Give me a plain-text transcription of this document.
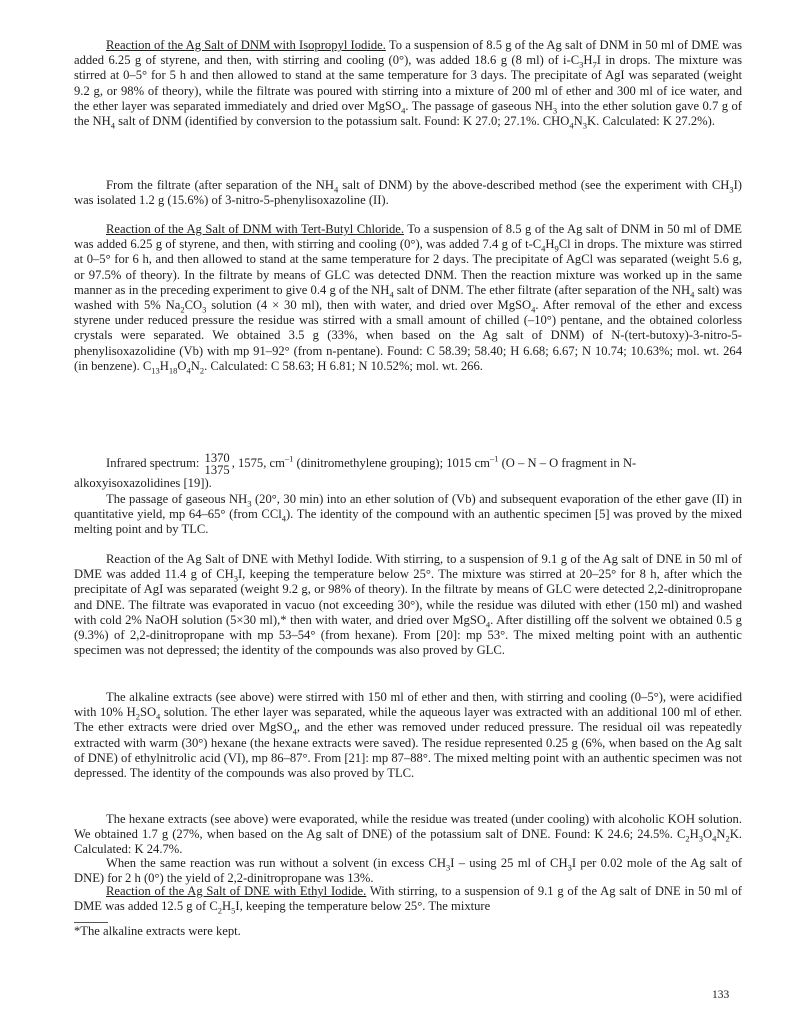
Reaction of the Ag Salt of DNM with Isopropyl Iodide. To a suspension of 8.5 g of the Ag salt of DNM in 50 ml of DME was added 6.25 g of styrene, and then, with stirring and cooling (0°), was added 18.6 g (8 ml) of $i-C_3H_7I$ in drops. The mixture was stirred at 0–5° for 5 h and then allowed to stand at the same temperature for 3 days. The precipitate of AgI was separated (weight 9.2 g, or 98% of theory), while the filtrate was poured with stirring into a mixture of 200 ml of ether and 300 ml of ice water, and the ether layer was separated immediately and dried over MgSO$_4$. The passage of gaseous $NH_3$ into the ether solution gave 0.7 g of the $NH_4$ salt of DNM (identified by conversion to the potassium salt. Found: K 27.0; 27.1%. $CHO_4N_3K$. Calculated: K 27.2%).

From the filtrate (after separation of the $NH_4$ salt of DNM) by the above-described method (see the experiment with $CH_3I$) was isolated 1.2 g (15.6%) of 3-nitro-5-phenylisoxazoline (II).

Reaction of the Ag Salt of DNM with Tert-Butyl Chloride. To a suspension of 8.5 g of the Ag salt of DNM in 50 ml of DME was added 6.25 g of styrene, and then, with stirring and cooling (0°), was added 7.4 g of $t-C_4H_9Cl$ in drops. The mixture was stirred at 0–5° for 6 h, and then allowed to stand at the same temperature for 2 days. The precipitate of AgCl was separated (weight 5.6 g, or 97.5% of theory). In the filtrate by means of GLC was detected DNM. Then the reaction mixture was worked up in the same manner as in the preceding experiment to give 0.4 g of the $NH_4$ salt of DNM. The ether filtrate (after separation of the $NH_4$ salt) was washed with 5% $Na_2CO_3$ solution (4 × 30 ml), then with water, and dried over MgSO$_4$. After removal of the ether and excess styrene under reduced pressure the residue was stirred with a small amount of chilled (–10°) pentane, and the obtained colorless crystals were separated. We obtained 3.5 g (33%, when based on the Ag salt of DNM) of N-(tert-butoxy)-3-nitro-5-phenylisoxazolidine (Vb) with mp 91–92° (from n-pentane). Found: C 58.39; 58.40; H 6.68; 6.67; N 10.74; 10.63%; mol. wt. 264 (in benzene). $C_{13}H_{18}O_4N_2$. Calculated: C 58.63; H 6.81; N 10.52%; mol. wt. 266.

Infrared spectrum: 1370
1375
, 1575, $cm^{-1}$ (dinitromethylene grouping); 1015 $cm^{-1}$ (O – N – O fragment in N-alkoxyisoxazolidines [19]).

The passage of gaseous $NH_3$ (20°, 30 min) into an ether solution of (Vb) and subsequent evaporation of the ether gave (II) in quantitative yield, mp 64–65° (from CCl$_4$). The identity of the compound with an authentic specimen [5] was proved by the mixed melting point and by TLC.

Reaction of the Ag Salt of DNE with Methyl Iodide. With stirring, to a suspension of 9.1 g of the Ag salt of DNE in 50 ml of DME was added 11.4 g of $CH_3I$, keeping the temperature below 25°. The mixture was stirred at 20–25° for 8 h, after which the precipitate of AgI was separated (weight 9.2 g, or 98% of theory). In the filtrate by means of GLC were detected 2,2-dinitropropane and DNE. The filtrate was evaporated in vacuo (not exceeding 30°), while the residue was diluted with ether (150 ml) and washed with cold 2% NaOH solution (5×30 ml),* then with water, and dried over MgSO$_4$. After distilling off the solvent we obtained 0.5 g (9.3%) of 2,2-dinitropropane with mp 53–54° (from hexane). From [20]: mp 53°. The mixed melting point with an authentic specimen was not depressed; the identity of the compounds was also proved by GLC.

The alkaline extracts (see above) were stirred with 150 ml of ether and then, with stirring and cooling (0–5°), were acidified with 10% $H_2SO_4$ solution. The ether layer was separated, while the aqueous layer was extracted with an additional 100 ml of ether. The ether extracts were dried over MgSO$_4$, and the ether was removed under reduced pressure. The residual oil was repeatedly extracted with warm (30°) hexane (the hexane extracts were saved). The residue represented 0.25 g (6%, when based on the Ag salt of DNE) of ethylnitrolic acid (VI), mp 86–87°. From [21]: mp 87–88°. The mixed melting point with an authentic specimen was not depressed. The identity of the compounds was also proved by TLC.

The hexane extracts (see above) were evaporated, while the residue was treated (under cooling) with alcoholic KOH solution. We obtained 1.7 g (27%, when based on the Ag salt of DNE) of the potassium salt of DNE. Found: K 24.6; 24.5%. $C_2H_3O_4N_2K$. Calculated: K 24.7%.

When the same reaction was run without a solvent (in excess $CH_3I$ – using 25 ml of $CH_3I$ per 0.02 mole of the Ag salt of DNE) for 2 h (0°) the yield of 2,2-dinitropropane was 13%.

Reaction of the Ag Salt of DNE with Ethyl Iodide. With stirring, to a suspension of 9.1 g of the Ag salt of DNE in 50 ml of DME was added 12.5 g of $C_2H_5I$, keeping the temperature below 25°. The mixture

*The alkaline extracts were kept.

133
